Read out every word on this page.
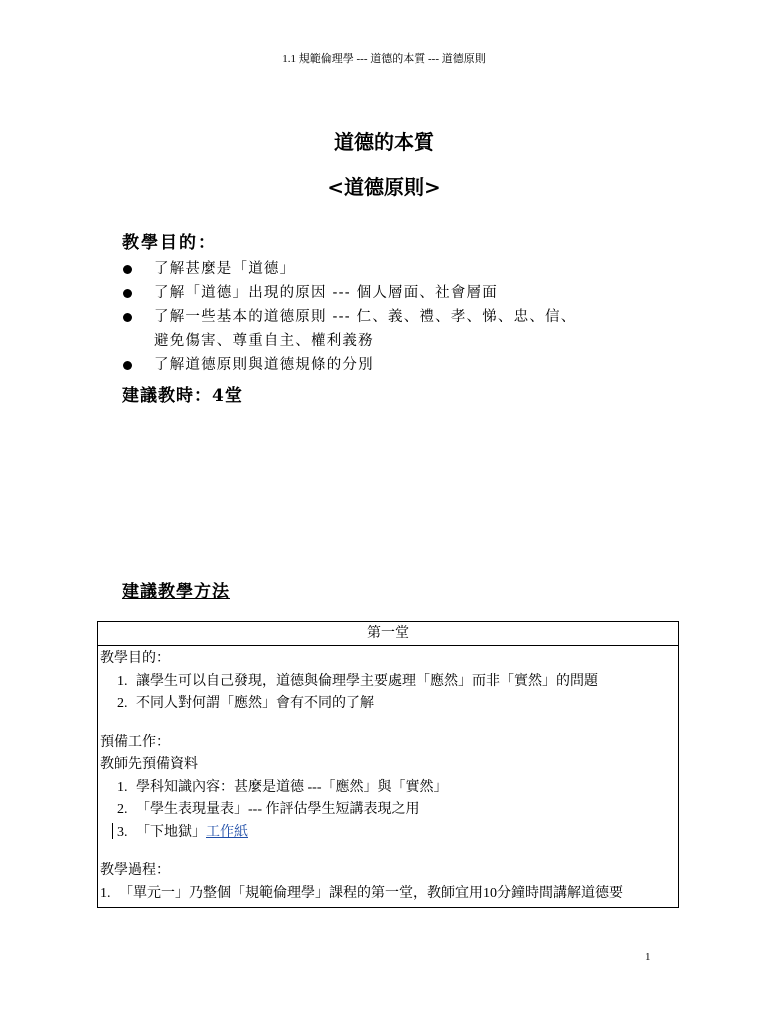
1.1 規範倫理學 --- 道德的本質 --- 道德原則
道德的本質
<道德原則>
教學目的：
了解甚麼是「道德」
了解「道德」出現的原因 --- 個人層面、社會層面
了解一些基本的道德原則 --- 仁、義、禮、孝、悌、忠、信、
避免傷害、尊重自主、權利義務
了解道德原則與道德規條的分別
建議教時：4堂
建議教學方法
第一堂
教學目的：
1. 讓學生可以自己發現，道德與倫理學主要處理「應然」而非「實然」的問題
2. 不同人對何謂「應然」會有不同的了解
預備工作：
教師先預備資料
1. 學科知識內容：甚麼是道德 ---「應然」與「實然」
2. 「學生表現量表」--- 作評估學生短講表現之用
3. 「下地獄」工作紙
教學過程：
1. 「單元一」乃整個「規範倫理學」課程的第一堂，教師宜用10分鐘時間講解道德要
1
